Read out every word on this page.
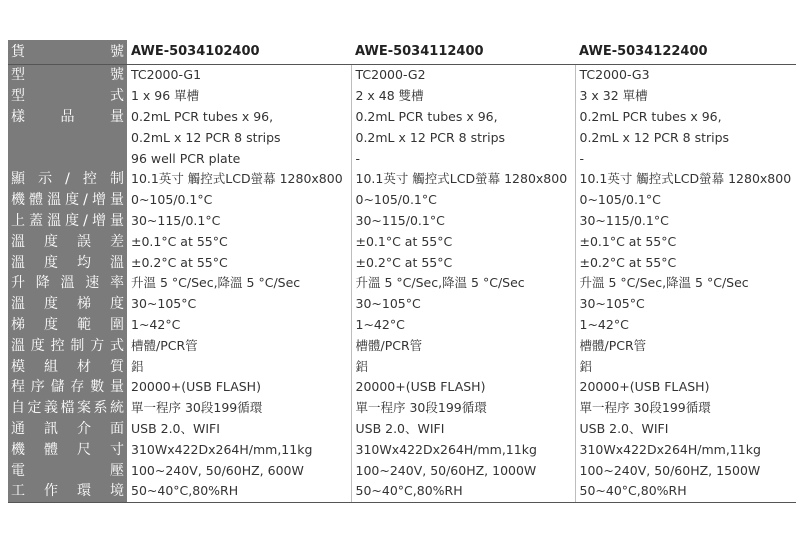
貨號	AWE-5034102400	AWE-5034112400	AWE-5034122400
型號	TC2000-G1	TC2000-G2	TC2000-G3
型式	1 x 96 單槽	2 x 48 雙槽	3 x 32 單槽
樣品量	0.2mL PCR tubes x 96,	0.2mL PCR tubes x 96,	0.2mL PCR tubes x 96,
	0.2mL x 12 PCR 8 strips	0.2mL x 12 PCR 8 strips	0.2mL x 12 PCR 8 strips
	96 well PCR plate	-	-
顯示/控制	10.1英寸 觸控式LCD螢幕 1280x800	10.1英寸 觸控式LCD螢幕 1280x800	10.1英寸 觸控式LCD螢幕 1280x800
機體溫度/增量	0~105/0.1°C	0~105/0.1°C	0~105/0.1°C
上蓋溫度/增量	30~115/0.1°C	30~115/0.1°C	30~115/0.1°C
溫度誤差	±0.1°C at 55°C	±0.1°C at 55°C	±0.1°C at 55°C
溫度均溫	±0.2°C at 55°C	±0.2°C at 55°C	±0.2°C at 55°C
升降溫速率	升溫 5 °C/Sec,降溫 5 °C/Sec	升溫 5 °C/Sec,降溫 5 °C/Sec	升溫 5 °C/Sec,降溫 5 °C/Sec
溫度梯度	30~105°C	30~105°C	30~105°C
梯度範圍	1~42°C	1~42°C	1~42°C
溫度控制方式	槽體/PCR管	槽體/PCR管	槽體/PCR管
模組材質	鋁	鋁	鋁
程序儲存數量	20000+(USB FLASH)	20000+(USB FLASH)	20000+(USB FLASH)
自定義檔案系統	單一程序 30段199循環	單一程序 30段199循環	單一程序 30段199循環
通訊介面	USB 2.0、WIFI	USB 2.0、WIFI	USB 2.0、WIFI
機體尺寸	310Wx422Dx264H/mm,11kg	310Wx422Dx264H/mm,11kg	310Wx422Dx264H/mm,11kg
電壓	100~240V, 50/60HZ, 600W	100~240V, 50/60HZ, 1000W	100~240V, 50/60HZ, 1500W
工作環境	50~40°C,80%RH	50~40°C,80%RH	50~40°C,80%RH
